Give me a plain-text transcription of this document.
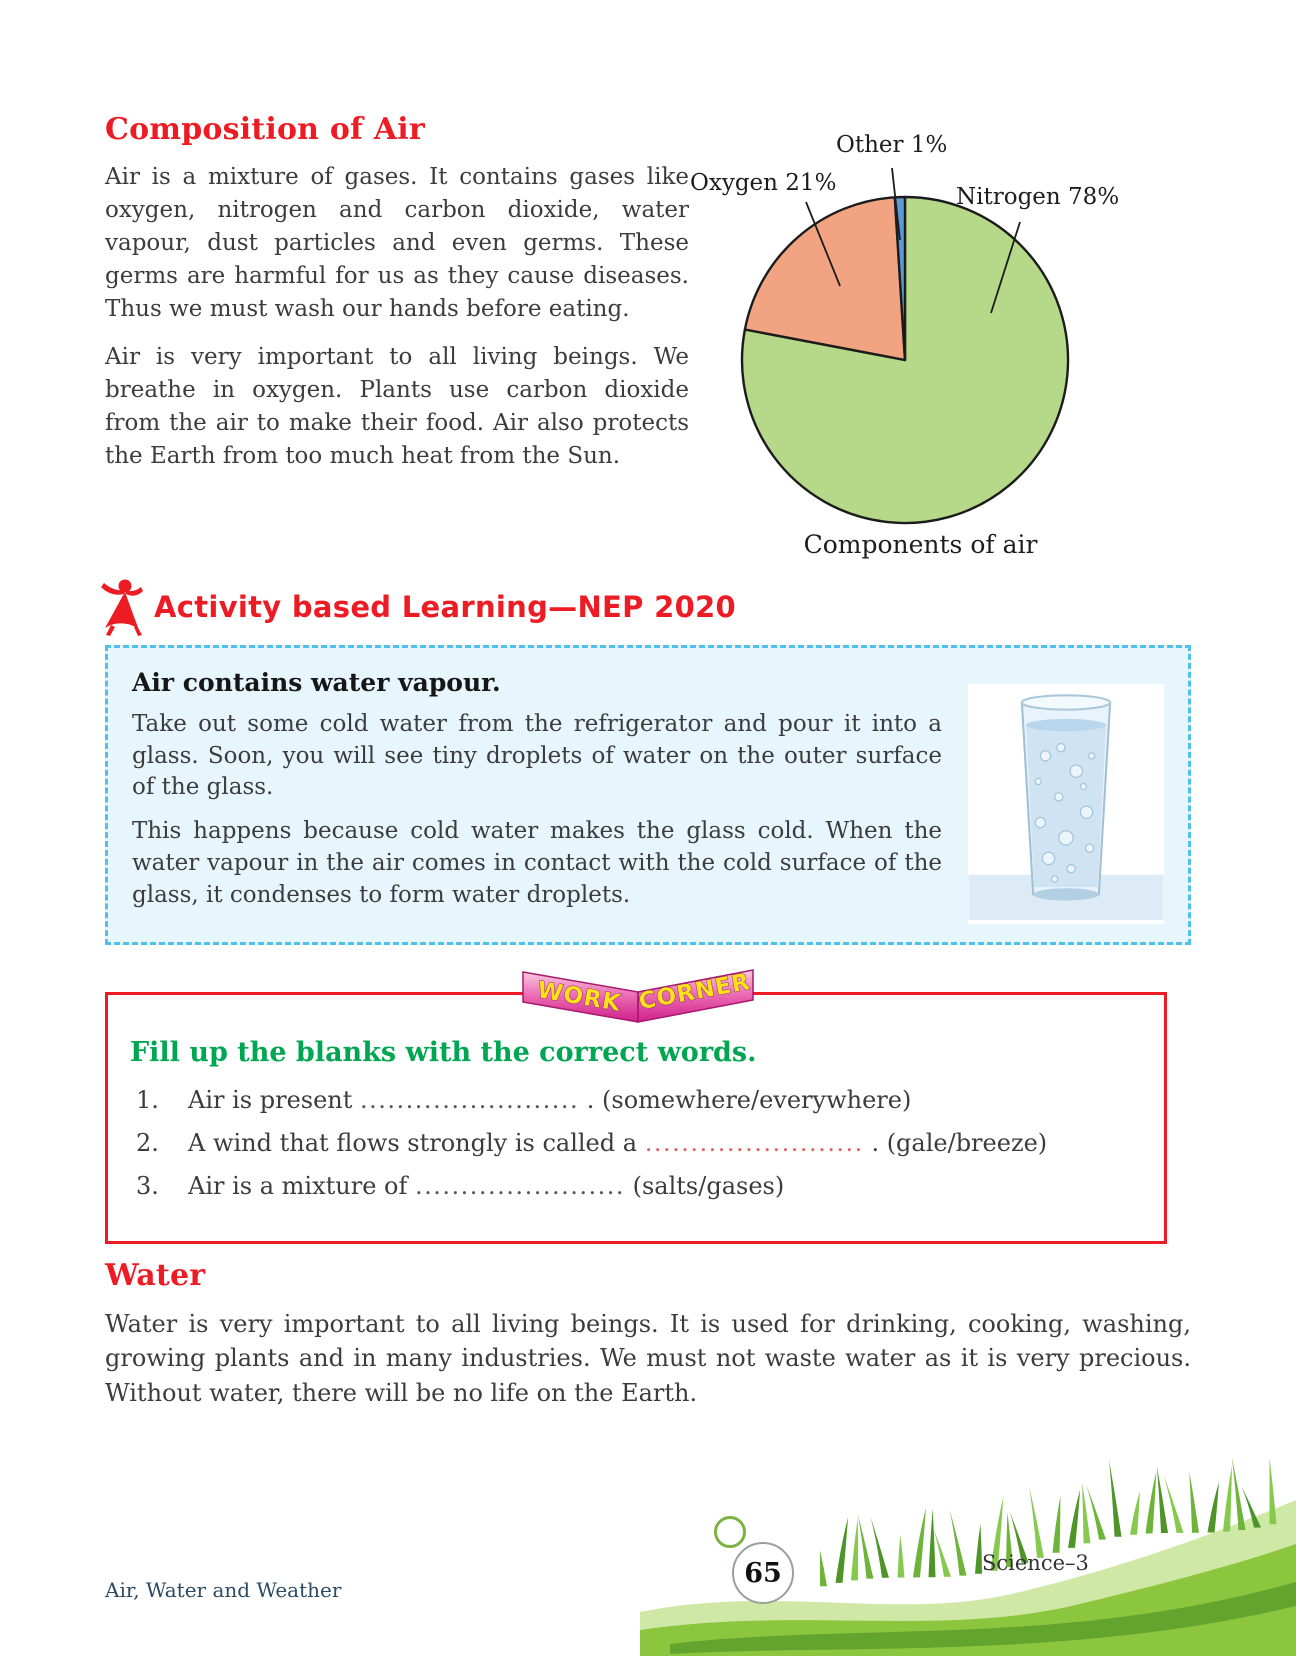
Composition of Air

Air is a mixture of gases. It contains gases like oxygen, nitrogen and carbon dioxide, water vapour, dust particles and even germs. These germs are harmful for us as they cause diseases. Thus we must wash our hands before eating.

Air is very important to all living beings. We breathe in oxygen. Plants use carbon dioxide from the air to make their food. Air also protects the Earth from too much heat from the Sun.

Other 1%
Oxygen 21%
Nitrogen 78%
Components of air
Activity based Learning—NEP 2020
Air contains water vapour.

Take out some cold water from the refrigerator and pour it into a glass. Soon, you will see tiny droplets of water on the outer surface of the glass.

This happens because cold water makes the glass cold. When the water vapour in the air comes in contact with the cold surface of the glass, it condenses to form water droplets.

WORK CORNER
Fill up the blanks with the correct words.
1.	Air is present ........................ . (somewhere/everywhere)
2.	A wind that flows strongly is called a ........................ . (gale/breeze)
3.	Air is a mixture of ....................... (salts/gases)
Water

Water is very important to all living beings. It is used for drinking, cooking, washing, growing plants and in many industries. We must not waste water as it is very precious. Without water, there will be no life on the Earth.

65
Air, Water and Weather
Science–3
